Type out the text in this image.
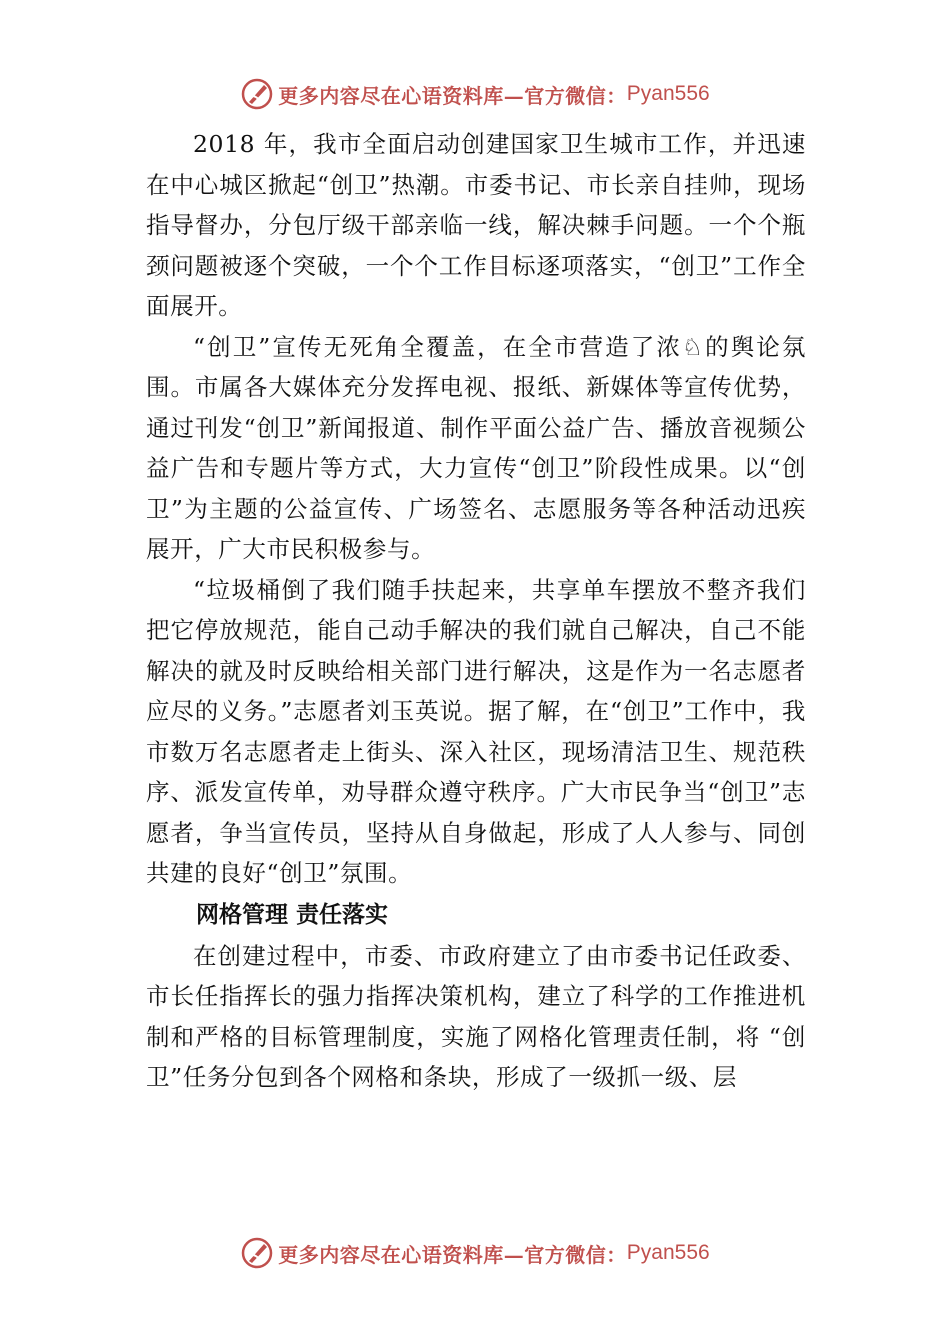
更多内容尽在心语资料库—官方微信： Pyan556

2018 年，我市全面启动创建国家卫生城市工作，并迅速在中心城区掀起“创卫”热潮。市委书记、市长亲自挂帅，现场指导督办，分包厅级干部亲临一线，解决棘手问题。一个个瓶颈问题被逐个突破，一个个工作目标逐项落实，“创卫”工作全面展开。

“创卫”宣传无死角全覆盖，在全市营造了浓♘的舆论氛围。市属各大媒体充分发挥电视、报纸、新媒体等宣传优势，通过刊发“创卫”新闻报道、制作平面公益广告、播放音视频公益广告和专题片等方式，大力宣传“创卫”阶段性成果。以“创卫”为主题的公益宣传、广场签名、志愿服务等各种活动迅疾展开，广大市民积极参与。

“垃圾桶倒了我们随手扶起来，共享单车摆放不整齐我们把它停放规范，能自己动手解决的我们就自己解决，自己不能解决的就及时反映给相关部门进行解决，这是作为一名志愿者应尽的义务。”志愿者刘玉英说。据了解，在“创卫”工作中，我市数万名志愿者走上街头、深入社区，现场清洁卫生、规范秩序、派发宣传单，劝导群众遵守秩序。广大市民争当“创卫”志愿者，争当宣传员，坚持从自身做起，形成了人人参与、同创共建的良好“创卫”氛围。

网格管理 责任落实

在创建过程中，市委、市政府建立了由市委书记任政委、市长任指挥长的强力指挥决策机构，建立了科学的工作推进机制和严格的目标管理制度，实施了网格化管理责任制，将 “创卫”任务分包到各个网格和条块，形成了一级抓一级、层

更多内容尽在心语资料库—官方微信： Pyan556
